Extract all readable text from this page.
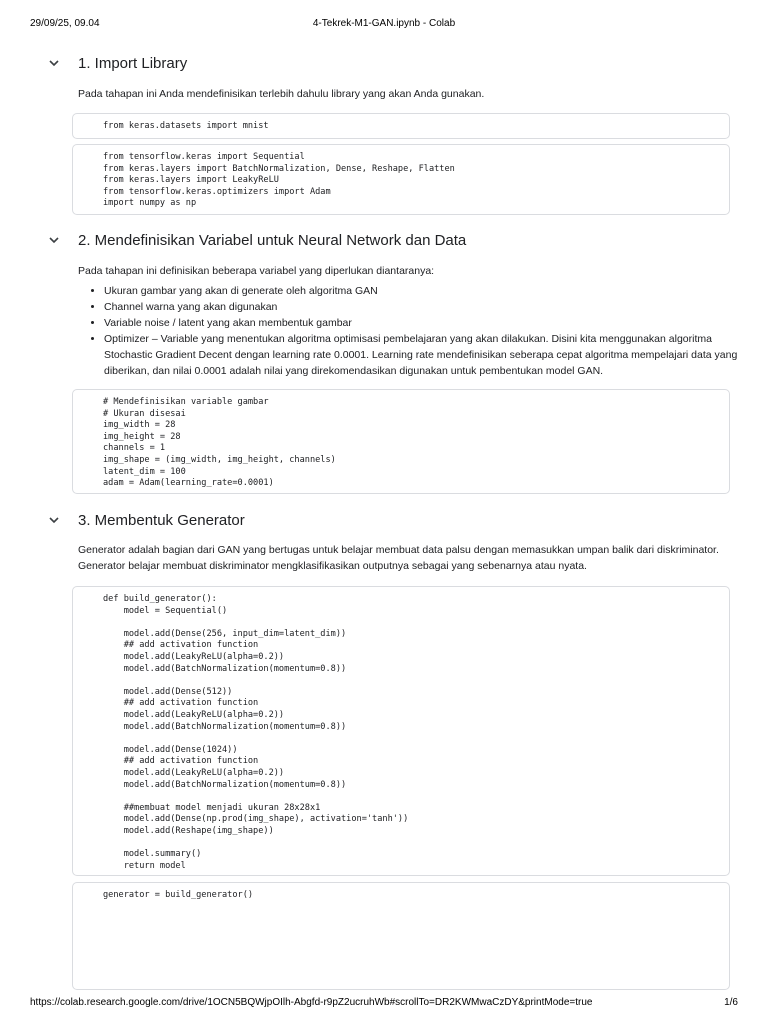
29/09/25, 09.04	4-Tekrek-M1-GAN.ipynb - Colab
1. Import Library
Pada tahapan ini Anda mendefinisikan terlebih dahulu library yang akan Anda gunakan.
from keras.datasets import mnist
from tensorflow.keras import Sequential
from keras.layers import BatchNormalization, Dense, Reshape, Flatten
from keras.layers import LeakyReLU
from tensorflow.keras.optimizers import Adam
import numpy as np
2. Mendefinisikan Variabel untuk Neural Network dan Data
Pada tahapan ini definisikan beberapa variabel yang diperlukan diantaranya:
• Ukuran gambar yang akan di generate oleh algoritma GAN
• Channel warna yang akan digunakan
• Variable noise / latent yang akan membentuk gambar
• Optimizer – Variable yang menentukan algoritma optimisasi pembelajaran yang akan dilakukan. Disini kita menggunakan algoritma Stochastic Gradient Decent dengan learning rate 0.0001. Learning rate mendefinisikan seberapa cepat algoritma mempelajari data yang diberikan, dan nilai 0.0001 adalah nilai yang direkomendasikan digunakan untuk pembentukan model GAN.
# Mendefinisikan variable gambar
# Ukuran disesai
img_width = 28
img_height = 28
channels = 1
img_shape = (img_width, img_height, channels)
latent_dim = 100
adam = Adam(learning_rate=0.0001)
3. Membentuk Generator
Generator adalah bagian dari GAN yang bertugas untuk belajar membuat data palsu dengan memasukkan umpan balik dari diskriminator. Generator belajar membuat diskriminator mengklasifikasikan outputnya sebagai yang sebenarnya atau nyata.
def build_generator():
model = Sequential()

model.add(Dense(256, input_dim=latent_dim))
## add activation function
model.add(LeakyReLU(alpha=0.2))
model.add(BatchNormalization(momentum=0.8))

model.add(Dense(512))
## add activation function
model.add(LeakyReLU(alpha=0.2))
model.add(BatchNormalization(momentum=0.8))

model.add(Dense(1024))
## add activation function
model.add(LeakyReLU(alpha=0.2))
model.add(BatchNormalization(momentum=0.8))

##membuat model menjadi ukuran 28x28x1
model.add(Dense(np.prod(img_shape), activation='tanh'))
model.add(Reshape(img_shape))

model.summary()
return model
generator = build_generator()
https://colab.research.google.com/drive/1OCN5BQWjpOIlh-Abgfd-r9pZ2ucruhWb#scrollTo=DR2KWMwaCzDY&printMode=true	1/6
